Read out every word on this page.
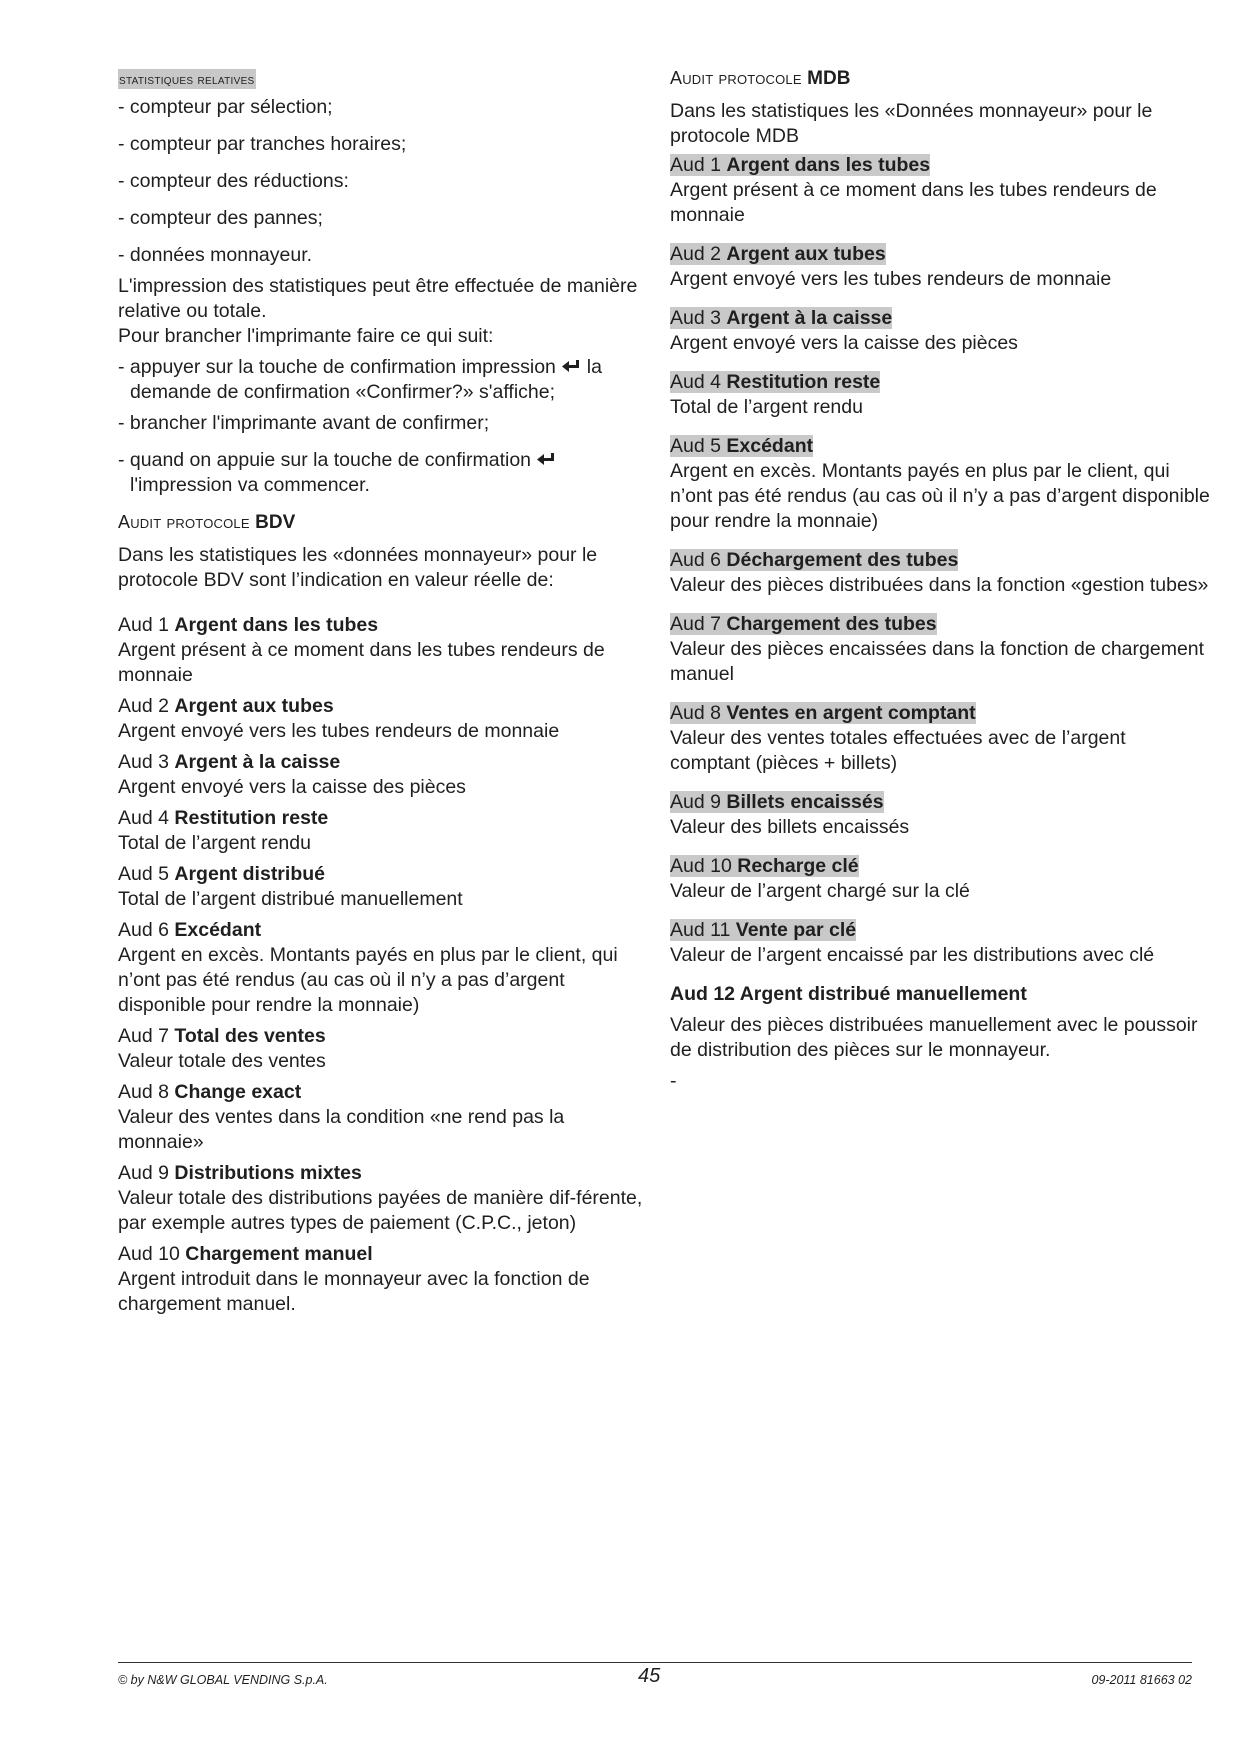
statistiques relatives

- compteur par sélection;

- compteur par tranches horaires;

- compteur des réductions:

- compteur des pannes;

- données monnayeur.

L'impression des statistiques peut être effectuée de manière relative ou totale.

Pour brancher l'imprimante faire ce qui suit:

- appuyer sur la touche de confirmation impression la demande de confirmation «Confirmer?» s'affiche;

- brancher l'imprimante avant de confirmer;

- quand on appuie sur la touche de confirmation  l'impression va commencer.

Audit protocole BDV

Dans les statistiques les «données monnayeur» pour le protocole BDV sont l’indication en valeur réelle de:

Aud 1 Argent dans les tubes

Argent présent à ce moment dans les tubes rendeurs de monnaie

Aud 2 Argent aux tubes

Argent envoyé vers les tubes rendeurs de monnaie

Aud 3 Argent à la caisse

Argent envoyé vers la caisse des pièces

Aud 4 Restitution reste

Total de l’argent rendu

Aud 5 Argent distribué

Total de l’argent distribué manuellement

Aud 6 Excédant

Argent en excès. Montants payés en plus par le client, qui n’ont pas été rendus (au cas où il n’y a pas d’argent disponible pour rendre la monnaie)

Aud 7 Total des ventes

Valeur totale des ventes

Aud 8 Change exact

Valeur des ventes dans la condition «ne rend pas la monnaie»

Aud 9 Distributions mixtes

Valeur totale des distributions payées de manière dif-férente, par exemple autres types de paiement (C.P.C., jeton)

Aud 10 Chargement manuel

Argent introduit dans le monnayeur avec la fonction de chargement manuel.

Audit protocole MDB

Dans les statistiques les «Données monnayeur» pour le protocole MDB

Aud 1 Argent dans les tubes

Argent présent à ce moment dans les tubes rendeurs de monnaie

Aud 2 Argent aux tubes

Argent envoyé vers les tubes rendeurs de monnaie

Aud 3 Argent à la caisse

Argent envoyé vers la caisse des pièces

Aud 4 Restitution reste

Total de l’argent rendu

Aud 5 Excédant

Argent en excès. Montants payés en plus par le client, qui n’ont pas été rendus (au cas où il n’y a pas d’argent disponible pour rendre la monnaie)

Aud 6 Déchargement des tubes

Valeur des pièces distribuées dans la fonction «gestion tubes»

Aud 7 Chargement des tubes

Valeur des pièces encaissées dans la fonction de chargement manuel

Aud 8 Ventes en argent comptant

Valeur des ventes totales effectuées avec de l’argent comptant (pièces + billets)

Aud 9 Billets encaissés

Valeur des billets encaissés

Aud 10 Recharge clé

Valeur de l’argent chargé sur la clé

Aud 11 Vente par clé

Valeur de l’argent encaissé par les distributions avec clé

Aud 12 Argent distribué manuellement

Valeur des pièces distribuées manuellement avec le poussoir de distribution des pièces sur le monnayeur.

-

© by N&W GLOBAL VENDING S.p.A.	45	09-2011 81663 02
